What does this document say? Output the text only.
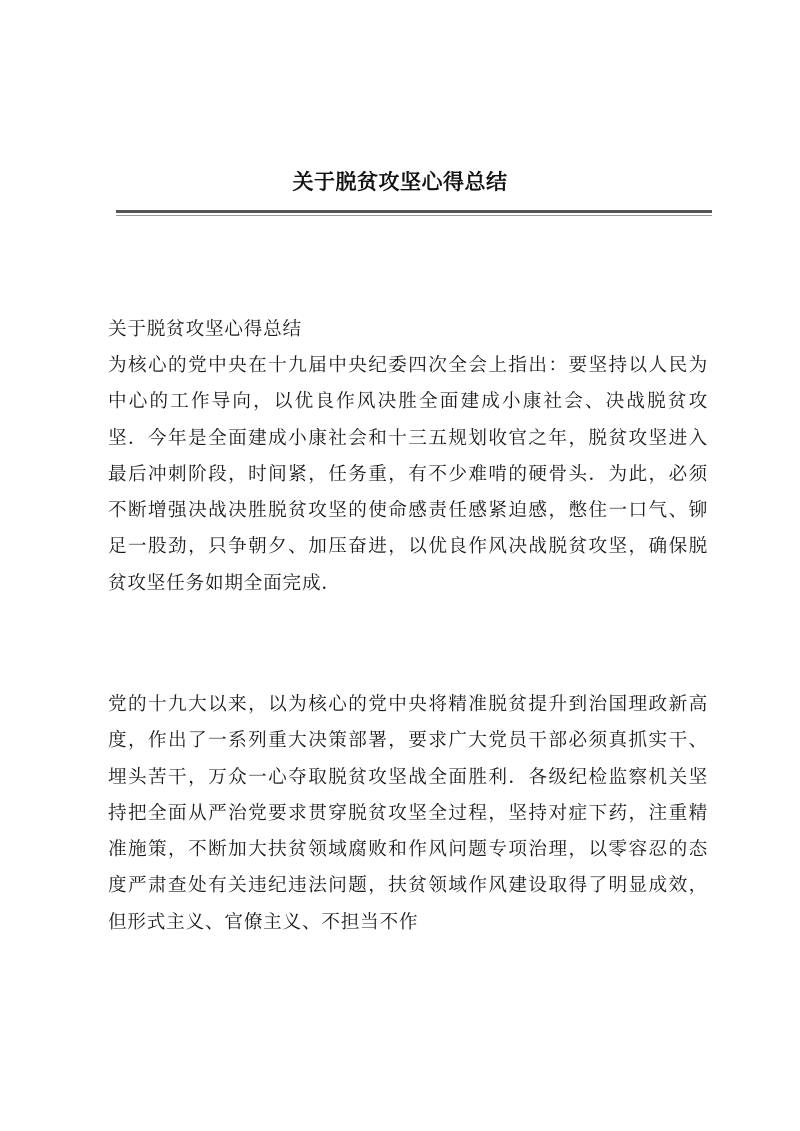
关于脱贫攻坚心得总结

关于脱贫攻坚心得总结

为核心的党中央在十九届中央纪委四次全会上指出：要坚持以人民为中心的工作导向，以优良作风决胜全面建成小康社会、决战脱贫攻坚．今年是全面建成小康社会和十三五规划收官之年，脱贫攻坚进入最后冲刺阶段，时间紧，任务重，有不少难啃的硬骨头．为此，必须不断增强决战决胜脱贫攻坚的使命感责任感紧迫感，憋住一口气、铆足一股劲，只争朝夕、加压奋进，以优良作风决战脱贫攻坚，确保脱贫攻坚任务如期全面完成．

党的十九大以来，以为核心的党中央将精准脱贫提升到治国理政新高度，作出了一系列重大决策部署，要求广大党员干部必须真抓实干、埋头苦干，万众一心夺取脱贫攻坚战全面胜利．各级纪检监察机关坚持把全面从严治党要求贯穿脱贫攻坚全过程，坚持对症下药，注重精准施策，不断加大扶贫领域腐败和作风问题专项治理，以零容忍的态度严肃查处有关违纪违法问题，扶贫领域作风建设取得了明显成效，但形式主义、官僚主义、不担当不作
